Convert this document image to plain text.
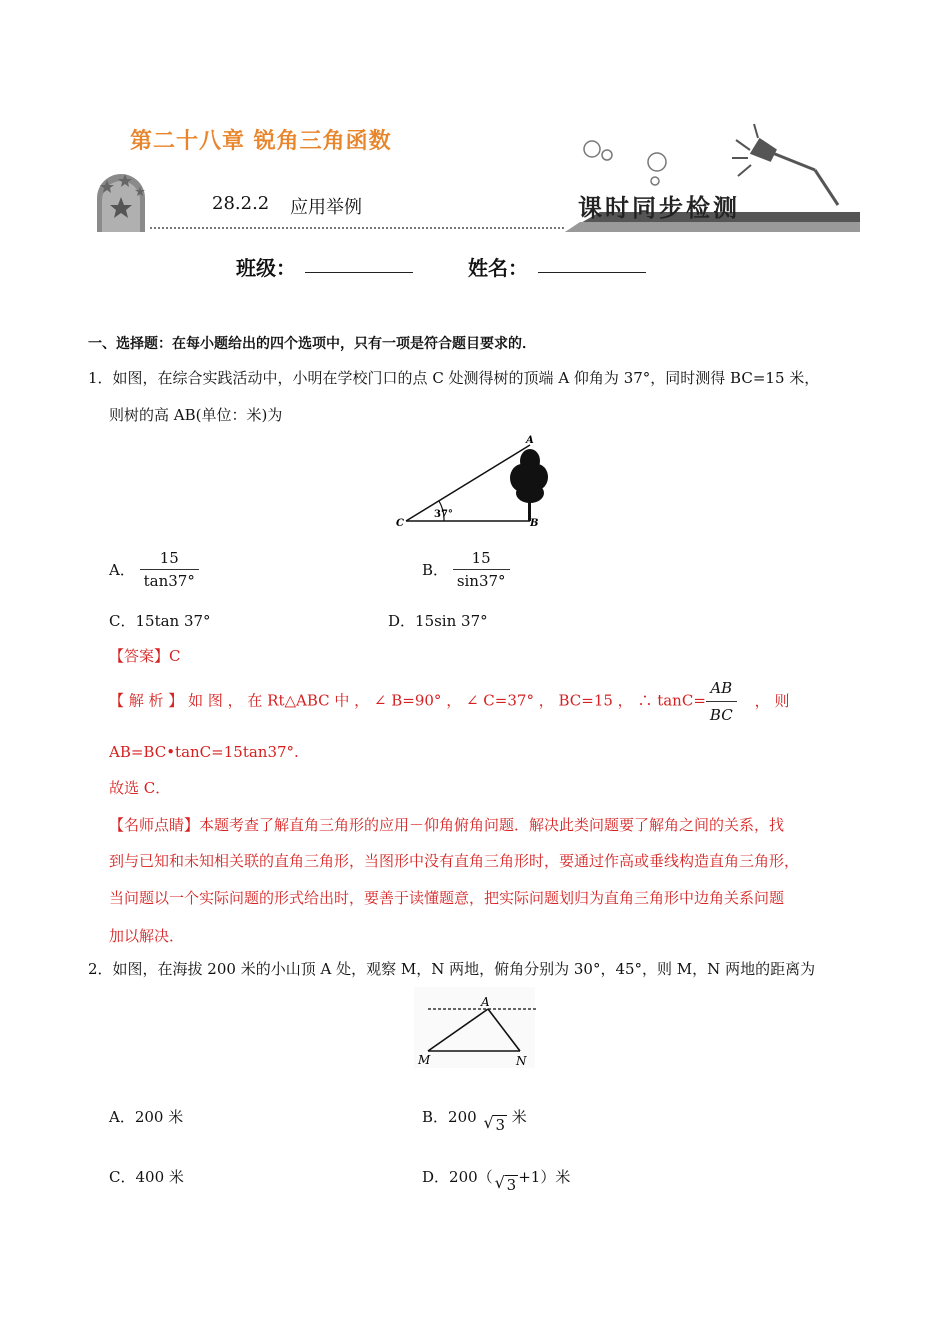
第二十八章 锐角三角函数
28.2.2 应用举例	课时同步检测
班级：	姓名：
一、选择题：在每小题给出的四个选项中，只有一项是符合题目要求的．
1．如图，在综合实践活动中，小明在学校门口的点 C 处测得树的顶端 A 仰角为 37°，同时测得 BC=15 米，
则树的高 AB(单位：米)为
A
B
C
37°
A． $\frac{15}{\tan 37^\circ}$	B． $\frac{15}{\sin 37^\circ}$
C．15tan 37°	D．15sin 37°
【答案】C
【 解 析 】 如 图 ， 在 Rt△ABC 中 ， ∠ B=90° ， ∠ C=37° ， BC=15 ， ∴ $\tan C= \frac{AB}{BC}$ ， 则
AB=BC•tanC=15tan37°.
故选 C．
【名师点睛】本题考查了解直角三角形的应用－仰角俯角问题．解决此类问题要了解角之间的关系，找
到与已知和未知相关联的直角三角形，当图形中没有直角三角形时，要通过作高或垂线构造直角三角形，
当问题以一个实际问题的形式给出时，要善于读懂题意，把实际问题划归为直角三角形中边角关系问题
加以解决．
2．如图，在海拔 200 米的小山顶 A 处，观察 M，N 两地，俯角分别为 30°，45°，则 M，N 两地的距离为
A
M	N
A．200 米	B．200 √ 3 米
C．400 米	D．200（ √ 3 +1）米
